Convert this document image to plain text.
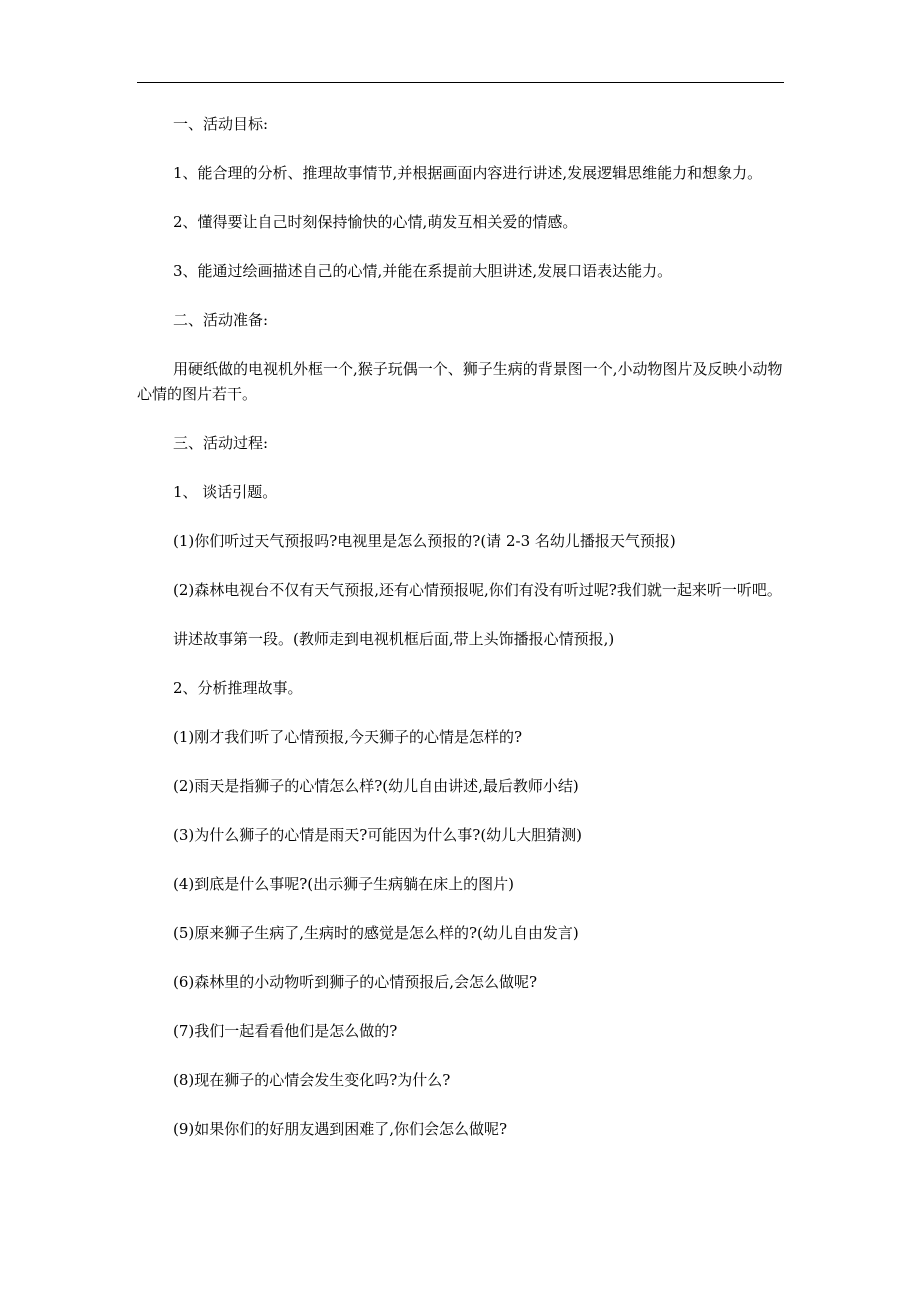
一、活动目标:

1、能合理的分析、推理故事情节,并根据画面内容进行讲述,发展逻辑思维能力和想象力。

2、懂得要让自己时刻保持愉快的心情,萌发互相关爱的情感。

3、能通过绘画描述自己的心情,并能在系提前大胆讲述,发展口语表达能力。

二、活动准备:

用硬纸做的电视机外框一个,猴子玩偶一个、狮子生病的背景图一个,小动物图片及反映小动物心情的图片若干。

三、活动过程:

1、 谈话引题。

(1)你们听过天气预报吗?电视里是怎么预报的?(请 2-3 名幼儿播报天气预报)

(2)森林电视台不仅有天气预报,还有心情预报呢,你们有没有听过呢?我们就一起来听一听吧。

讲述故事第一段。(教师走到电视机框后面,带上头饰播报心情预报,)

2、分析推理故事。

(1)刚才我们听了心情预报,今天狮子的心情是怎样的?

(2)雨天是指狮子的心情怎么样?(幼儿自由讲述,最后教师小结)

(3)为什么狮子的心情是雨天?可能因为什么事?(幼儿大胆猜测)

(4)到底是什么事呢?(出示狮子生病躺在床上的图片)

(5)原来狮子生病了,生病时的感觉是怎么样的?(幼儿自由发言)

(6)森林里的小动物听到狮子的心情预报后,会怎么做呢?

(7)我们一起看看他们是怎么做的?

(8)现在狮子的心情会发生变化吗?为什么?

(9)如果你们的好朋友遇到困难了,你们会怎么做呢?
